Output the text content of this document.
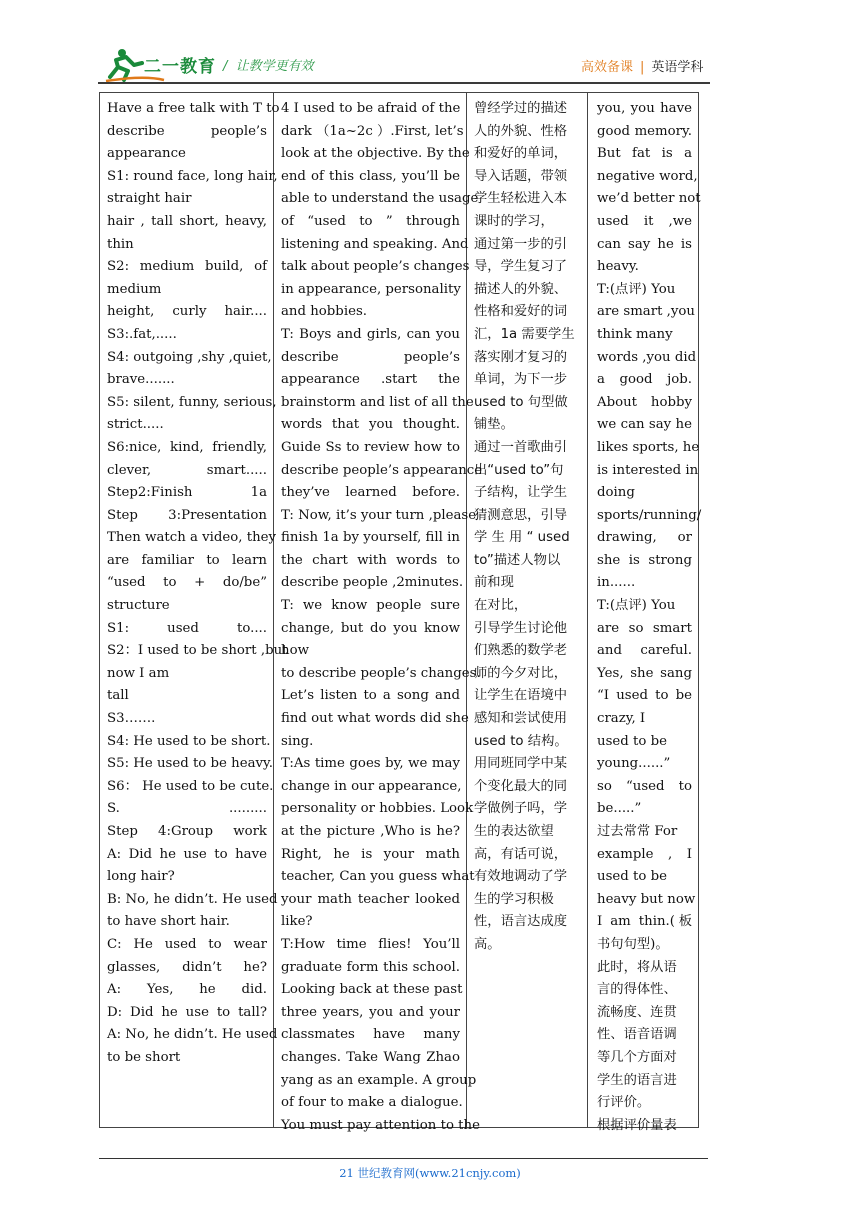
二一教育 / 让教学更有效	高效备课 | 英语学科
Have a free talk with T to
describe people’s
appearance
S1: round face, long hair,
straight hair
hair , tall short, heavy,
thin
S2: medium build, of
medium
height, curly hair....
S3:.fat,.....
S4: outgoing ,shy ,quiet,
brave.......
S5: silent, funny, serious,
strict.....
S6:nice, kind, friendly,
clever, smart.....
Step2:Finish 1a
Step 3:Presentation
Then watch a video, they
are familiar to learn
“used to + do/be”
structure
S1: used to....
S2：I used to be short ,but
now I am
tall
S3…….
S4: He used to be short.
S5: He used to be heavy.
S6： He used to be cute.
S. .........
Step 4:Group work
A: Did he use to have
long hair?
B: No, he didn’t. He used
to have short hair.
C: He used to wear
glasses, didn’t he?
A: Yes, he did.
D: Did he use to tall?
A: No, he didn’t. He used
to be short
4 I used to be afraid of the
dark （1a~2c ）.First, let’s
look at the objective. By the
end of this class, you’ll be
able to understand the usage
of “used to ” through
listening and speaking. And
talk about people’s changes
in appearance, personality
and hobbies.
T: Boys and girls, can you
describe people’s
appearance .start the
brainstorm and list of all the
words that you thought.
Guide Ss to review how to
describe people’s appearance
they’ve learned before.
T: Now, it’s your turn ,please
finish 1a by yourself, fill in
the chart with words to
describe people ,2minutes.
T: we know people sure
change, but do you know
how
to describe people’s changes.
Let’s listen to a song and
find out what words did she
sing.
T:As time goes by, we may
change in our appearance,
personality or hobbies. Look
at the picture ,Who is he?
Right, he is your math
teacher, Can you guess what
your math teacher looked
like?
T:How time flies! You’ll
graduate form this school.
Looking back at these past
three years, you and your
classmates have many
changes. Take Wang Zhao
yang as an example. A group
of four to make a dialogue.
You must pay attention to the
曾经学过的描述
人的外貌、性格
和爱好的单词，
导入话题，带领
学生轻松进入本
课时的学习，
通过第一步的引
导，学生复习了
描述人的外貌、
性格和爱好的词
汇，1a 需要学生
落实刚才复习的
单词，为下一步
used to 句型做
铺垫。
通过一首歌曲引
出“used to”句
子结构，让学生
猜测意思，引导
学 生 用 “ used
to”描述人物以
前和现
在对比，
引导学生讨论他
们熟悉的数学老
师的今夕对比，
让学生在语境中
感知和尝试使用
used to 结构。
用同班同学中某
个变化最大的同
学做例子吗，学
生的表达欲望
高，有话可说，
有效地调动了学
生的学习积极
性，语言达成度
高。
you, you have
good memory.
But fat is a
negative word,
we’d better not
used it ,we
can say he is
heavy.
T:(点评) You
are smart ,you
think many
words ,you did
a good job.
About hobby
we can say he
likes sports, he
is interested in
doing
sports/running/
drawing, or
she is strong
in......
T:(点评) You
are so smart
and careful.
Yes, she sang
“I used to be
crazy, I
used to be
young......”
so “used to
be.....”
过去常常 For
example , I
used to be
heavy but now
I am thin.(板
书句句型)。
此时，将从语
言的得体性、
流畅度、连贯
性、语音语调
等几个方面对
学生的语言进
行评价。
根据评价量表
21 世纪教育网(www.21cnjy.com)
